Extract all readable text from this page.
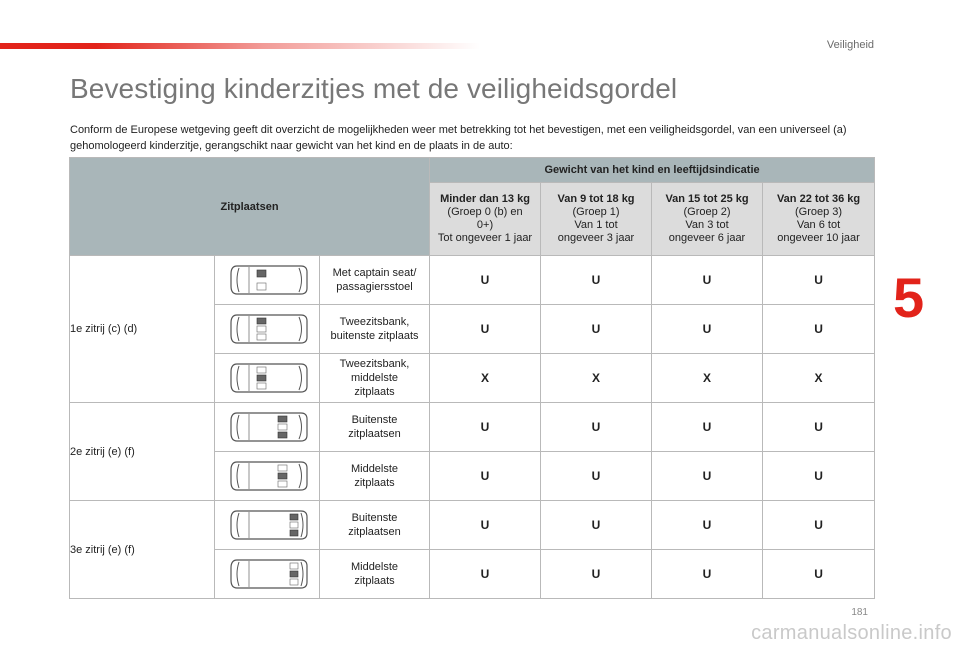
Veiligheid
5
Bevestiging kinderzitjes met de veiligheidsgordel

Conform de Europese wetgeving geeft dit overzicht de mogelijkheden weer met betrekking tot het bevestigen, met een veiligheidsgordel, van een universeel (a) gehomologeerd kinderzitje, gerangschikt naar gewicht van het kind en de plaats in de auto:

Zitplaatsen			Gewicht van het kind en leeftijdsindicatie			
			Minder dan 13 kg
(Groep 0 (b) en
0+)
Tot ongeveer 1 jaar	Van 9 tot 18 kg
(Groep 1)
Van 1 tot
ongeveer 3 jaar	Van 15 tot 25 kg
(Groep 2)
Van 3 tot
ongeveer 6 jaar	Van 22 tot 36 kg
(Groep 3)
Van 6 tot
ongeveer 10 jaar
1e zitrij (c) (d)		Met captain seat/
passagiersstoel	U	U	U	U

	Tweezitsbank,
buitenste zitplaats	U	U	U	U

	Tweezitsbank,
middelste
zitplaats	X	X	X	X
2e zitrij (e) (f)		Buitenste
zitplaatsen	U	U	U	U

	Middelste
zitplaats	U	U	U	U
3e zitrij (e) (f)		Buitenste
zitplaatsen	U	U	U	U

	Middelste
zitplaats	U	U	U	U
181
carmanualsonline.info
